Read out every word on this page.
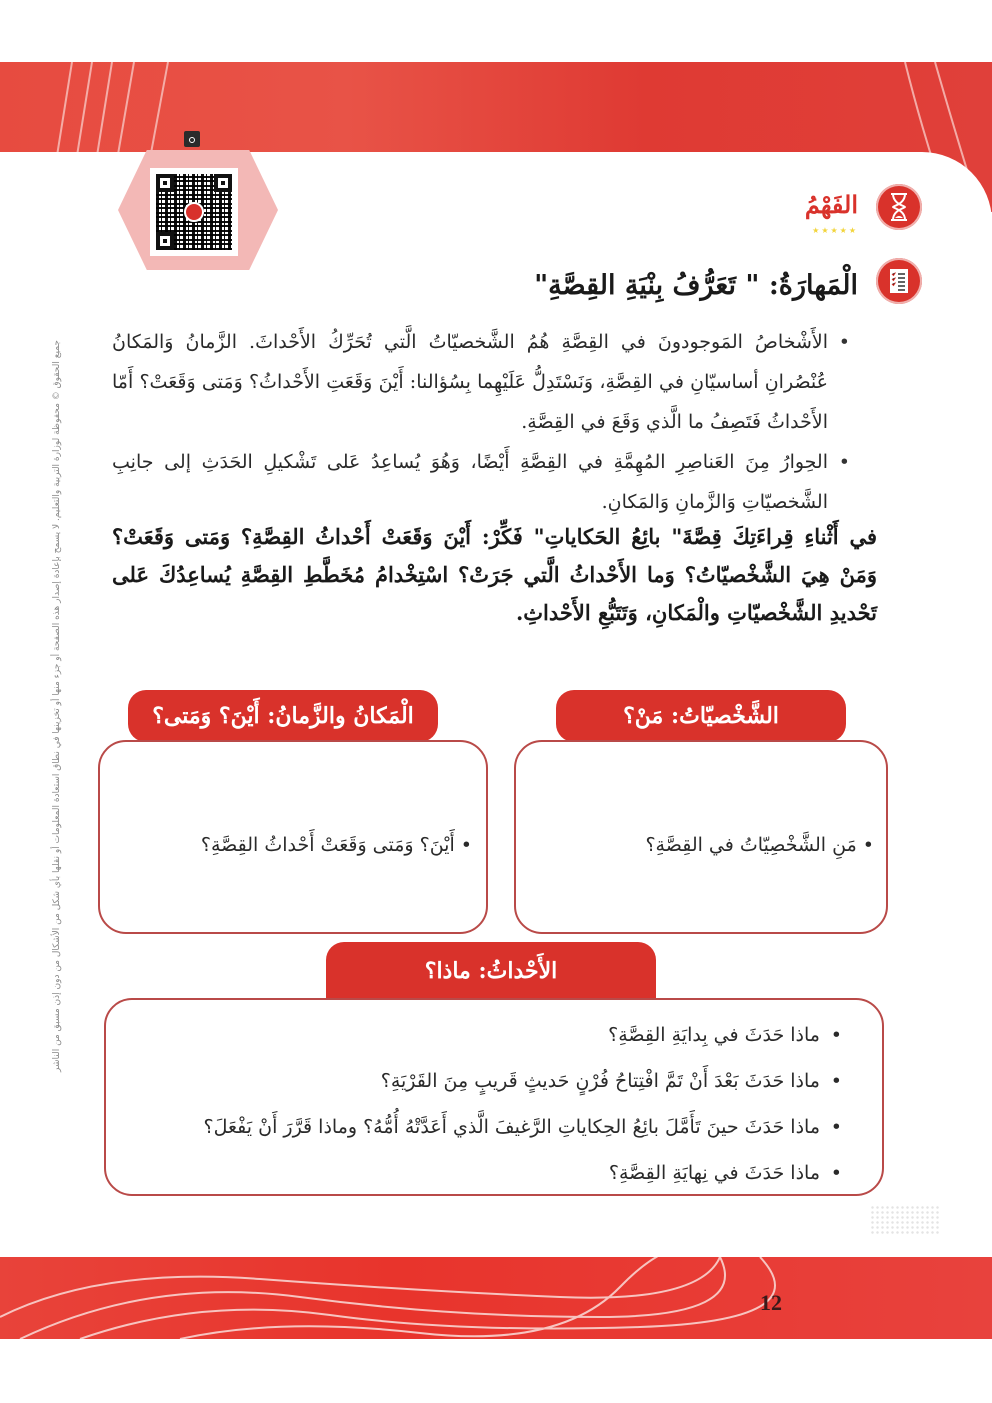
جميع الحقوق © محفوظة لوزارة التربية والتعليم. لا يسمح بإعادة إصدار هذه الصفحة أو جزء منها أو تخزينها في نطاق استعادة المعلومات أو نقلها بأي شكل من الأشكال من دون إذن مسبق من الناشر
الفَهْمُ
★★★★★
الْمَهارَةُ: " تَعَرُّفُ بِنْيَةِ القِصَّةِ"
• الأَشْخاصُ المَوجودونَ في القِصَّةِ هُمُ الشَّخصيّاتُ الَّتي تُحَرِّكُ الأَحْداثَ. الزَّمانُ وَالمَكانُ عُنْصُرانِ أساسيّانِ في القِصَّةِ، وَنَسْتَدِلُّ عَلَيْهِما بِسُؤالنا: أَيْنَ وَقَعَتِ الأَحْداثُ؟ وَمَتى وَقَعَتْ؟ أَمّا الأَحْداثُ فَتَصِفُ ما الَّذي وَقَعَ في القِصَّةِ.
• الحِوارُ مِنَ العَناصِرِ المُهِمَّةِ في القِصَّةِ أَيْضًا، وَهُوَ يُساعِدُ عَلى تَشْكيلِ الحَدَثِ إلى جانِبِ الشَّخصيّاتِ وَالزَّمانِ وَالمَكانِ.
في أَثْناءِ قِراءَتِكَ قِصَّةَ" بائِعُ الحَكاياتِ" فَكِّرْ: أَيْنَ وَقَعَتْ أَحْداثُ القِصَّةِ؟ وَمَتى وَقَعَتْ؟ وَمَنْ هِيَ الشَّخْصيّاتُ؟ وَما الأَحْداثُ الَّتي جَرَتْ؟ اسْتِخْدامُ مُخَطَّطِ القِصَّةِ يُساعِدُكَ عَلى تَحْديدِ الشَّخْصيّاتِ والْمَكانِ، وَتَتَبُّعِ الأَحْداثِ.
الشَّخْصيّاتُ: مَنْ؟
• مَنِ الشَّخْصِيّاتُ في القِصَّةِ؟
الْمَكانُ والزَّمانُ: أَيْنَ؟ وَمَتى؟
• أَيْنَ؟ وَمَتى وَقَعَتْ أَحْداثُ القِصَّةِ؟
الأَحْداثُ: ماذا؟
• ماذا حَدَثَ في بِدايَةِ القِصَّةِ؟
• ماذا حَدَثَ بَعْدَ أَنْ تَمَّ افْتِتاحُ فُرْنٍ حَديثٍ قَريبٍ مِنَ القَرْيَةِ؟
• ماذا حَدَثَ حينَ تَأَمَّلَ بائِعُ الحِكاياتِ الرَّغيفَ الَّذي أَعَدَّتْهُ أُمُّهُ؟ وماذا قَرَّرَ أَنْ يَفْعَلَ؟
• ماذا حَدَثَ في نِهايَةِ القِصَّةِ؟
12
